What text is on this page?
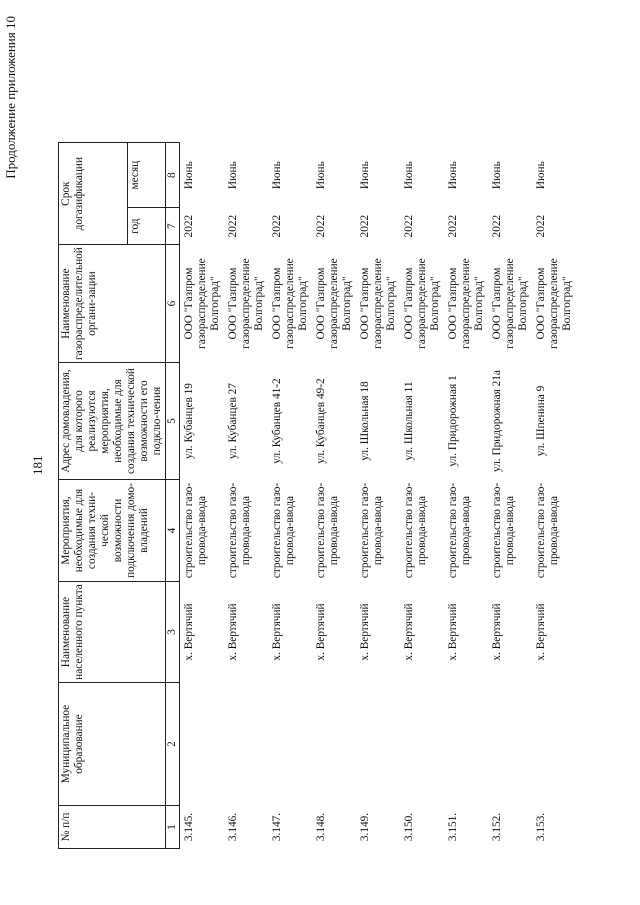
181
Продолжение приложения 10
№ п/п	Муниципальное образование	Наименование населенного пункта	Мероприятия, необходимые для создания техни-ческой возможности подключения домо-владений	Адрес домовладения, для которого реализуются мероприятия, необходимые для создания технической возможности его подклю-чения	Наименование газораспределительной органи-зации	Срок догазификации	
						год	месяц
1	2	3	4	5	6	7	8
3.145.		х. Вертячий	строительство газо-провода-ввода	ул. Кубанцев 19	ООО "Газпром газораспределение Волгоград"	2022	Июнь
3.146.		х. Вертячий	строительство газо-провода-ввода	ул. Кубанцев 27	ООО "Газпром газораспределение Волгоград"	2022	Июнь
3.147.		х. Вертячий	строительство газо-провода-ввода	ул. Кубанцев 41-2	ООО "Газпром газораспределение Волгоград"	2022	Июнь
3.148.		х. Вертячий	строительство газо-провода-ввода	ул. Кубанцев 49-2	ООО "Газпром газораспределение Волгоград"	2022	Июнь
3.149.		х. Вертячий	строительство газо-провода-ввода	ул. Школьная 18	ООО "Газпром газораспределение Волгоград"	2022	Июнь
3.150.		х. Вертячий	строительство газо-провода-ввода	ул. Школьная 11	ООО "Газпром газораспределение Волгоград"	2022	Июнь
3.151.		х. Вертячий	строительство газо-провода-ввода	ул. Придорожная 1	ООО "Газпром газораспределение Волгоград"	2022	Июнь
3.152.		х. Вертячий	строительство газо-провода-ввода	ул. Придорожная 21а	ООО "Газпром газораспределение Волгоград"	2022	Июнь
3.153.		х. Вертячий	строительство газо-провода-ввода	ул. Шпенина 9	ООО "Газпром газораспределение Волгоград"	2022	Июнь
